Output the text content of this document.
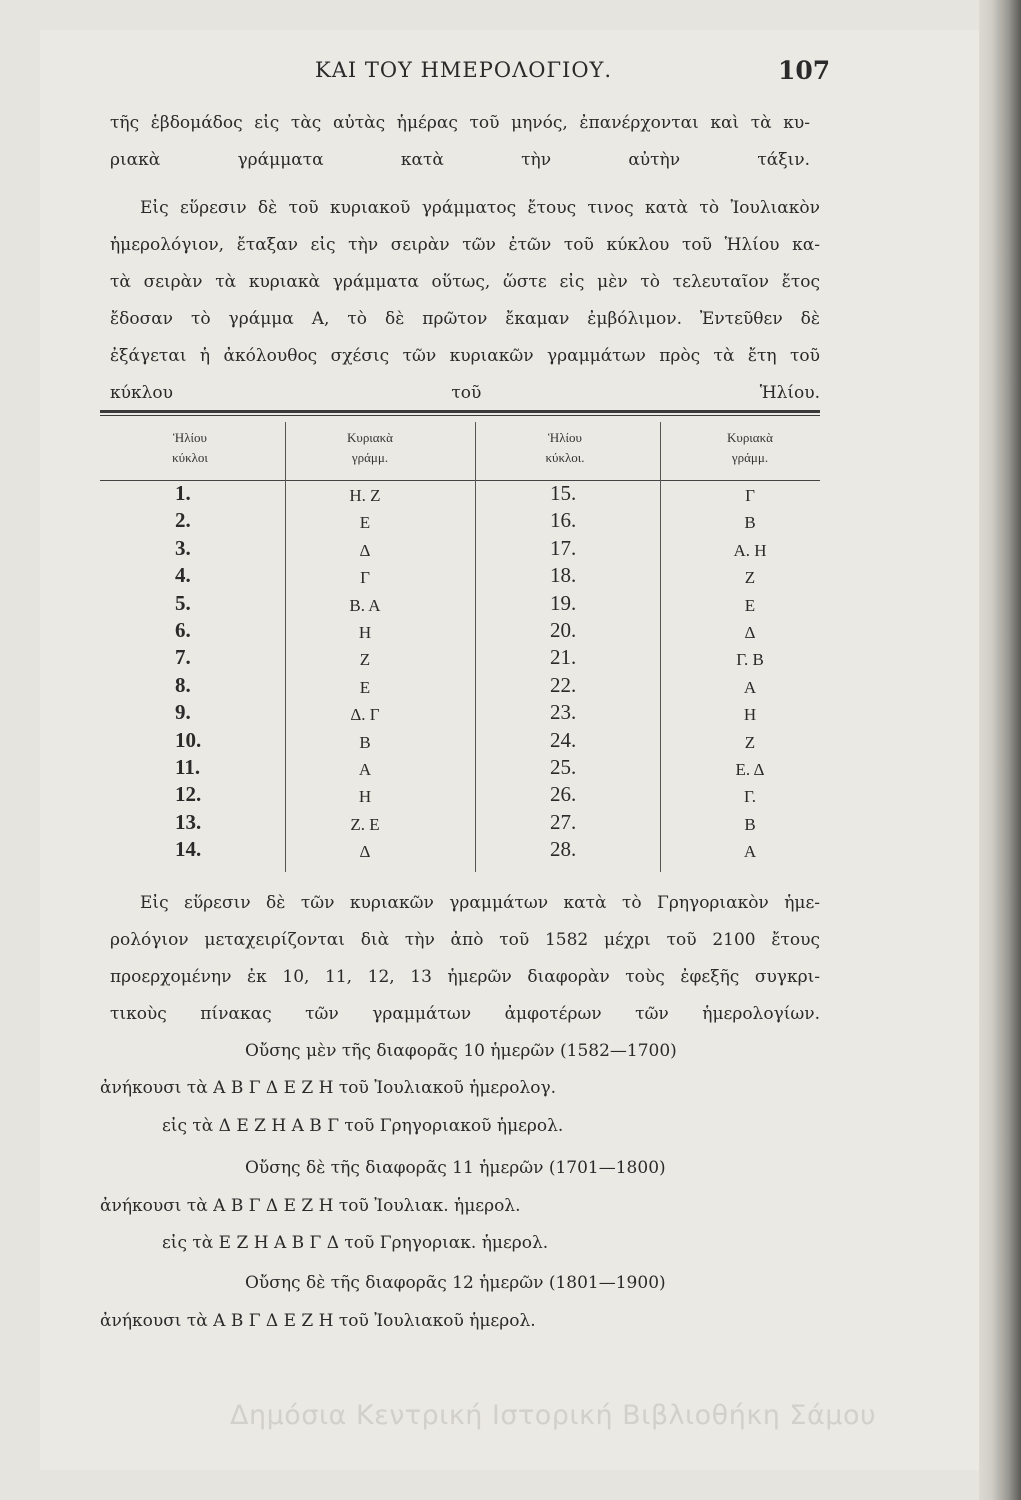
ΚΑΙ ΤΟΥ ΗΜΕΡΟΛΟΓΙΟΥ.	107
τῆς ἑβδομάδος εἰς τὰς αὐτὰς ἡμέρας τοῦ μηνός, ἐπανέρχονται καὶ τὰ κυ-
ριακὰ γράμματα κατὰ τὴν αὐτὴν τάξιν.
Εἰς εὕρεσιν δὲ τοῦ κυριακοῦ γράμματος ἔτους τινος κατὰ τὸ Ἰουλιακὸν
ἡμερολόγιον, ἔταξαν εἰς τὴν σειρὰν τῶν ἐτῶν τοῦ κύκλου τοῦ Ἡλίου κα-
τὰ σειρὰν τὰ κυριακὰ γράμματα οὕτως, ὥστε εἰς μὲν τὸ τελευταῖον ἔτος
ἔδοσαν τὸ γράμμα Α, τὸ δὲ πρῶτον ἔκαμαν ἐμβόλιμον. Ἐντεῦθεν δὲ
ἐξάγεται ἡ ἀκόλουθος σχέσις τῶν κυριακῶν γραμμάτων πρὸς τὰ ἔτη τοῦ
κύκλου τοῦ Ἡλίου.
Ἡλίου
κύκλοι
Κυριακὰ
γράμμ.
Ἡλίου
κύκλοι.
Κυριακὰ
γράμμ.
1.
2.
3.
4.
5.
6.
7.
8.
9.
10.
11.
12.
13.
14.
Η. Ζ
Ε
Δ
Γ
Β. Α
Η
Ζ
Ε
Δ. Γ
Β
Α
Η
Ζ. Ε
Δ
15.
16.
17.
18.
19.
20.
21.
22.
23.
24.
25.
26.
27.
28.
Γ
Β
Α. Η
Ζ
Ε
Δ
Γ. Β
Α
Η
Ζ
Ε. Δ
Γ.
Β
Α
Εἰς εὕρεσιν δὲ τῶν κυριακῶν γραμμάτων κατὰ τὸ Γρηγοριακὸν ἡμε-
ρολόγιον μεταχειρίζονται διὰ τὴν ἀπὸ τοῦ 1582 μέχρι τοῦ 2100 ἔτους
προερχομένην ἐκ 10, 11, 12, 13 ἡμερῶν διαφορὰν τοὺς ἐφεξῆς συγκρι-
τικοὺς πίνακας τῶν γραμμάτων ἀμφοτέρων τῶν ἡμερολογίων.
Οὔσης μὲν τῆς διαφορᾶς 10 ἡμερῶν (1582—1700)
ἀνήκουσι τὰ Α Β Γ Δ Ε Ζ Η τοῦ Ἰουλιακοῦ ἡμερολογ.
εἰς τὰ Δ Ε Ζ Η Α Β Γ τοῦ Γρηγοριακοῦ ἡμερολ.
Οὔσης δὲ τῆς διαφορᾶς 11 ἡμερῶν (1701—1800)
ἀνήκουσι τὰ Α Β Γ Δ Ε Ζ Η τοῦ Ἰουλιακ. ἡμερολ.
εἰς τὰ Ε Ζ Η Α Β Γ Δ τοῦ Γρηγοριακ. ἡμερολ.
Οὔσης δὲ τῆς διαφορᾶς 12 ἡμερῶν (1801—1900)
ἀνήκουσι τὰ Α Β Γ Δ Ε Ζ Η τοῦ Ἰουλιακοῦ ἡμερολ.
Δημόσια Κεντρική Ιστορική Βιβλιοθήκη Σάμου
